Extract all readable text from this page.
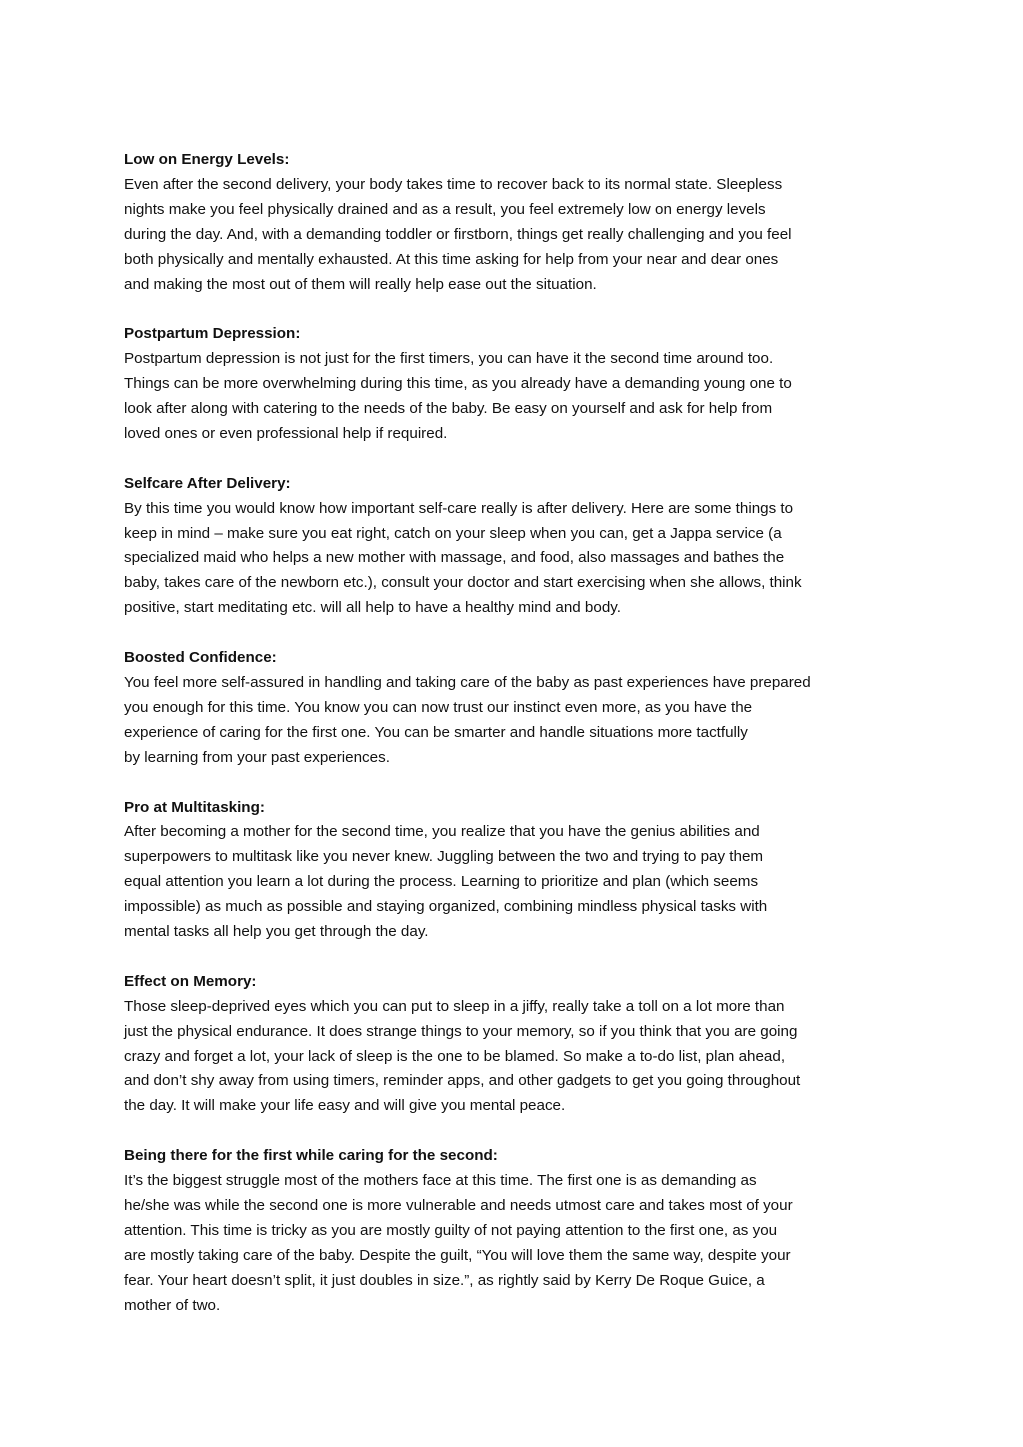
Low on Energy Levels:
Even after the second delivery, your body takes time to recover back to its normal state. Sleepless
nights make you feel physically drained and as a result, you feel extremely low on energy levels
during the day. And, with a demanding toddler or firstborn, things get really challenging and you feel
both physically and mentally exhausted. At this time asking for help from your near and dear ones
and making the most out of them will really help ease out the situation.
Postpartum Depression:
Postpartum depression is not just for the first timers, you can have it the second time around too.
Things can be more overwhelming during this time, as you already have a demanding young one to
look after along with catering to the needs of the baby. Be easy on yourself and ask for help from
loved ones or even professional help if required.
Selfcare After Delivery:
By this time you would know how important self-care really is after delivery. Here are some things to
keep in mind – make sure you eat right, catch on your sleep when you can, get a Jappa service (a
specialized maid who helps a new mother with massage, and food, also massages and bathes the
baby, takes care of the newborn etc.), consult your doctor and start exercising when she allows, think
positive, start meditating etc. will all help to have a healthy mind and body.
Boosted Confidence:
You feel more self-assured in handling and taking care of the baby as past experiences have prepared
you enough for this time. You know you can now trust our instinct even more, as you have the
experience of caring for the first one. You can be smarter and handle situations more tactfully
by learning from your past experiences.
Pro at Multitasking:
After becoming a mother for the second time, you realize that you have the genius abilities and
superpowers to multitask like you never knew. Juggling between the two and trying to pay them
equal attention you learn a lot during the process. Learning to prioritize and plan (which seems
impossible) as much as possible and staying organized, combining mindless physical tasks with
mental tasks all help you get through the day.
Effect on Memory:
Those sleep-deprived eyes which you can put to sleep in a jiffy, really take a toll on a lot more than
just the physical endurance. It does strange things to your memory, so if you think that you are going
crazy and forget a lot, your lack of sleep is the one to be blamed. So make a to-do list, plan ahead,
and don’t shy away from using timers, reminder apps, and other gadgets to get you going throughout
the day. It will make your life easy and will give you mental peace.
Being there for the first while caring for the second:
It’s the biggest struggle most of the mothers face at this time. The first one is as demanding as
he/she was while the second one is more vulnerable and needs utmost care and takes most of your
attention. This time is tricky as you are mostly guilty of not paying attention to the first one, as you
are mostly taking care of the baby. Despite the guilt, “You will love them the same way, despite your
fear. Your heart doesn’t split, it just doubles in size.”, as rightly said by Kerry De Roque Guice, a
mother of two.
